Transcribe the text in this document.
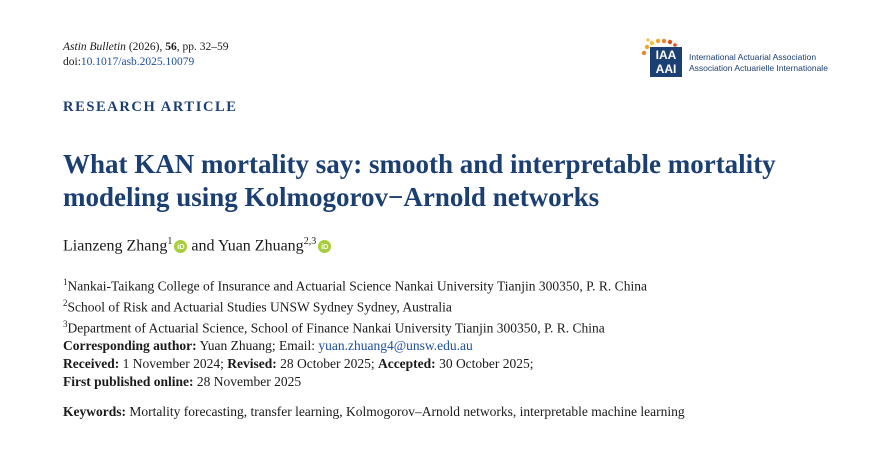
Astin Bulletin (2026), 56, pp. 32–59
doi:10.1017/asb.2025.10079	IAA
AAI
International Actuarial Association
Association Actuarielle Internationale
RESEARCH ARTICLE
What KAN mortality say: smooth and interpretable mortality modeling using Kolmogorov−Arnold networks
Lianzeng Zhang$^1$ iD and Yuan Zhuang$^{2,3}$ iD
$^1$Nankai-Taikang College of Insurance and Actuarial Science Nankai University Tianjin 300350, P. R. China
$^2$School of Risk and Actuarial Studies UNSW Sydney Sydney, Australia
$^3$Department of Actuarial Science, School of Finance Nankai University Tianjin 300350, P. R. China
Corresponding author: Yuan Zhuang; Email: yuan.zhuang4@unsw.edu.au
Received: 1 November 2024; Revised: 28 October 2025; Accepted: 30 October 2025;
First published online: 28 November 2025
Keywords: Mortality forecasting, transfer learning, Kolmogorov–Arnold networks, interpretable machine learning
